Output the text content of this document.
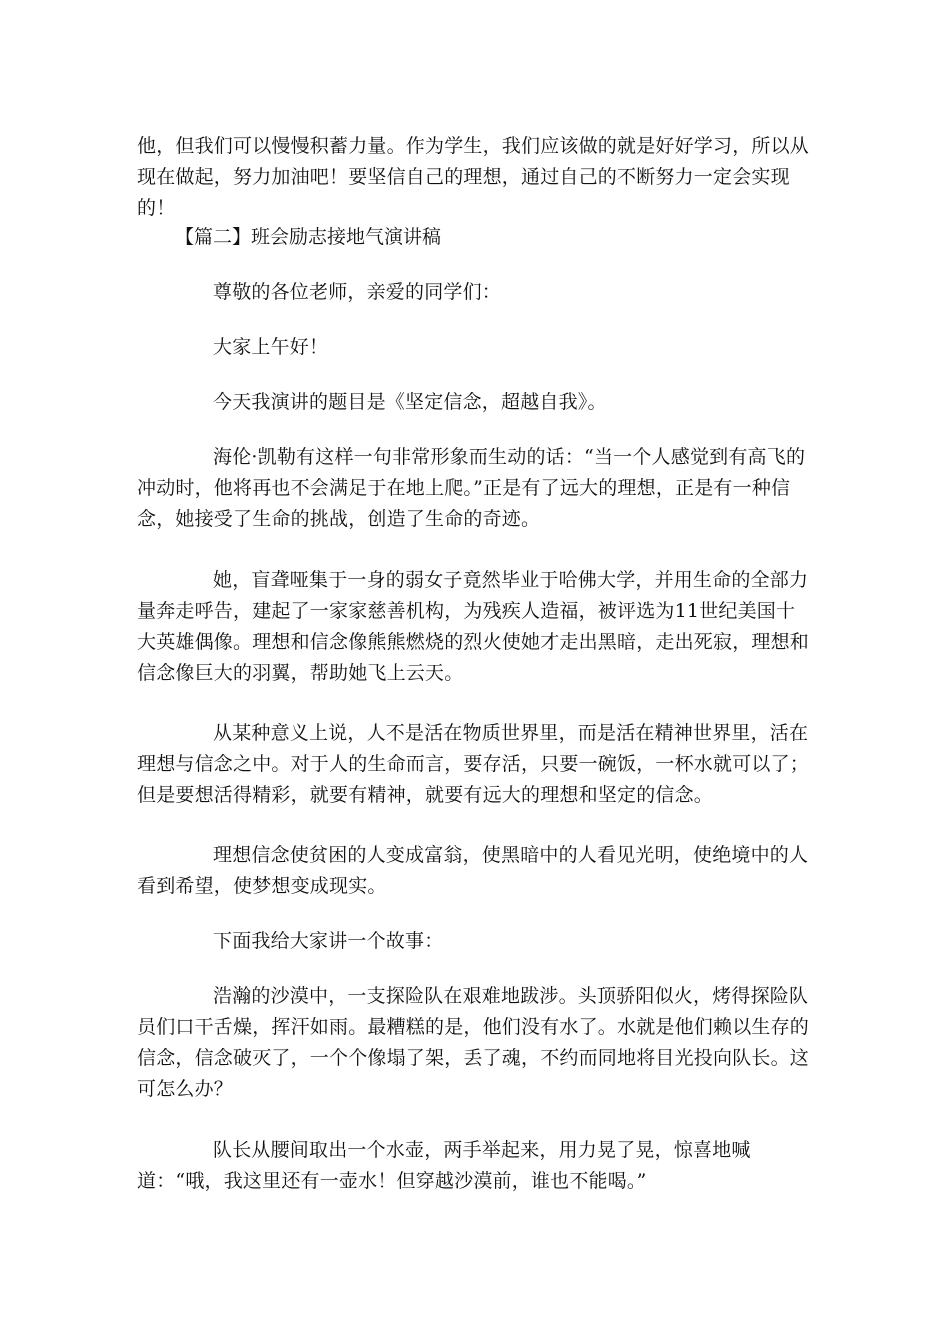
他，但我们可以慢慢积蓄力量。作为学生，我们应该做的就是好好学习，所以从现在做起，努力加油吧！要坚信自己的理想，通过自己的不断努力一定会实现的！

【篇二】班会励志接地气演讲稿

尊敬的各位老师，亲爱的同学们：

大家上午好！

今天我演讲的题目是《坚定信念，超越自我》。

海伦·凯勒有这样一句非常形象而生动的话：“当一个人感觉到有高飞的冲动时，他将再也不会满足于在地上爬。”正是有了远大的理想，正是有一种信念，她接受了生命的挑战，创造了生命的奇迹。

她，盲聋哑集于一身的弱女子竟然毕业于哈佛大学，并用生命的全部力量奔走呼告，建起了一家家慈善机构，为残疾人造福，被评选为11世纪美国十大英雄偶像。理想和信念像熊熊燃烧的烈火使她才走出黑暗，走出死寂，理想和信念像巨大的羽翼，帮助她飞上云天。

从某种意义上说，人不是活在物质世界里，而是活在精神世界里，活在理想与信念之中。对于人的生命而言，要存活，只要一碗饭，一杯水就可以了；但是要想活得精彩，就要有精神，就要有远大的理想和坚定的信念。

理想信念使贫困的人变成富翁，使黑暗中的人看见光明，使绝境中的人看到希望，使梦想变成现实。

下面我给大家讲一个故事：

浩瀚的沙漠中，一支探险队在艰难地跋涉。头顶骄阳似火，烤得探险队员们口干舌燥，挥汗如雨。最糟糕的是，他们没有水了。水就是他们赖以生存的信念，信念破灭了，一个个像塌了架，丢了魂，不约而同地将目光投向队长。这可怎么办？

队长从腰间取出一个水壶，两手举起来，用力晃了晃，惊喜地喊道：“哦，我这里还有一壶水！但穿越沙漠前，谁也不能喝。”
